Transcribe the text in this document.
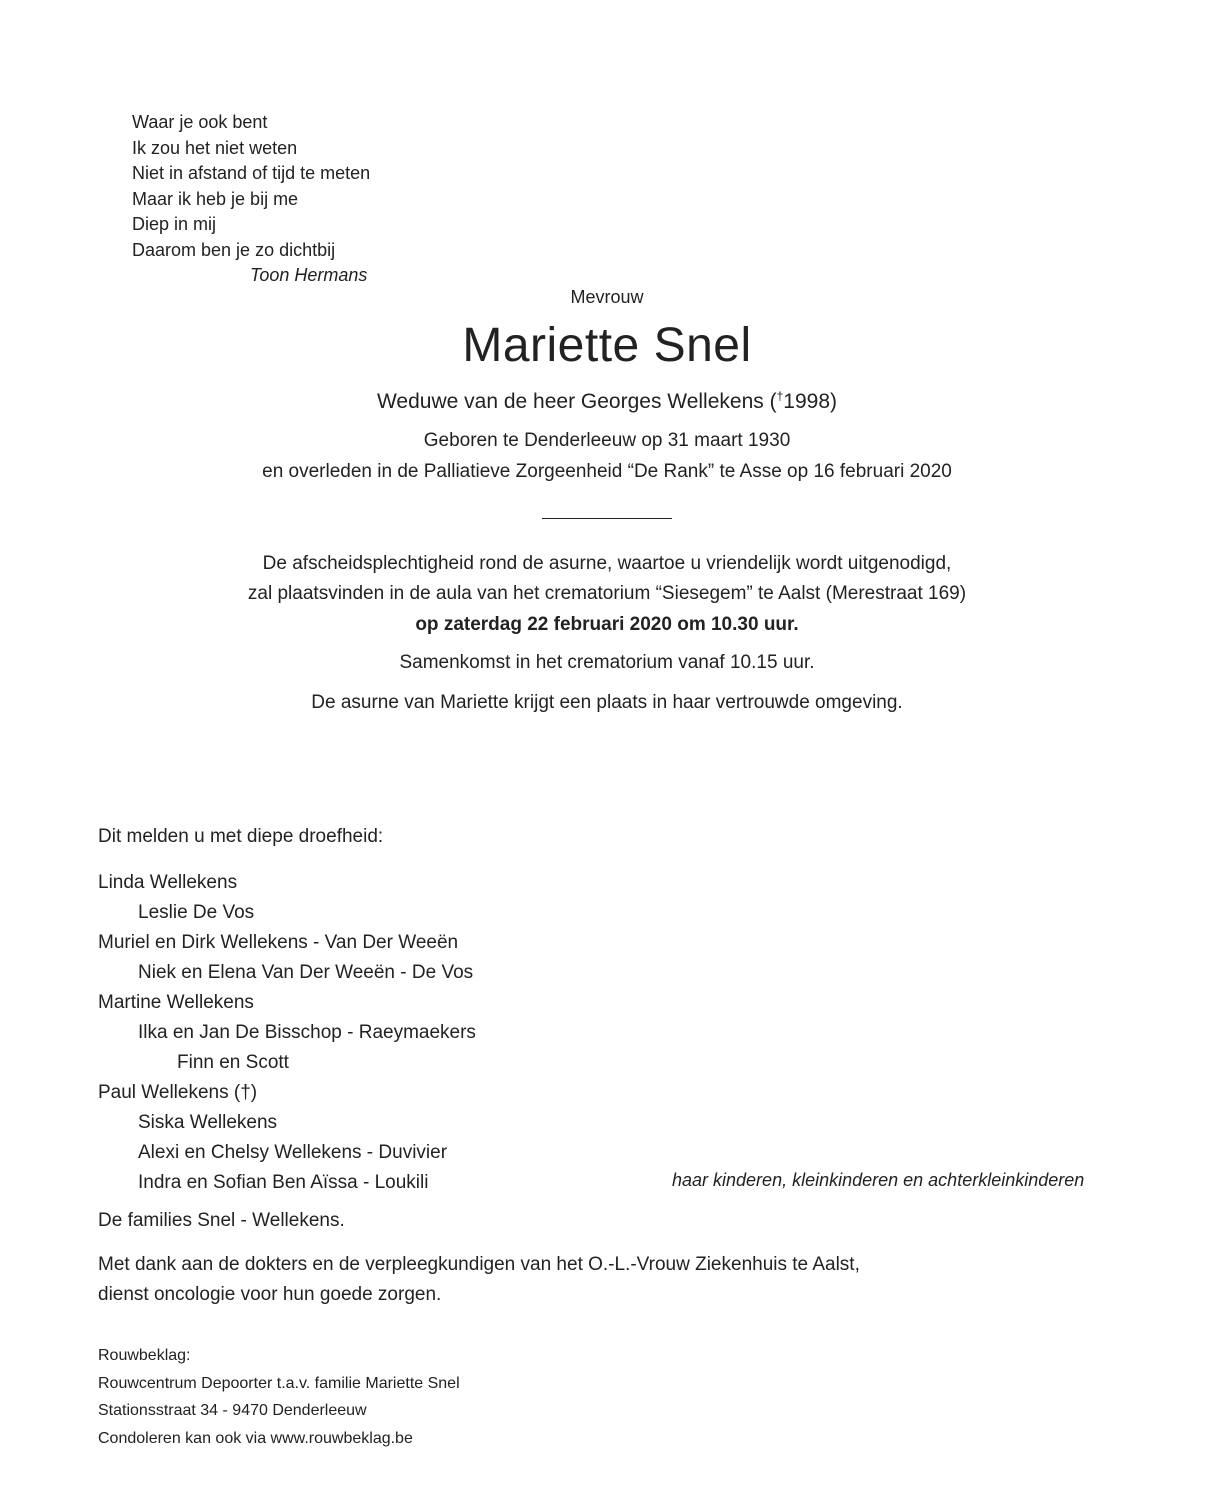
Waar je ook bent
Ik zou het niet weten
Niet in afstand of tijd te meten
Maar ik heb je bij me
Diep in mij
Daarom ben je zo dichtbij
Toon Hermans
Mevrouw
Mariette Snel
Weduwe van de heer Georges Wellekens (†1998)
Geboren te Denderleeuw op 31 maart 1930
en overleden in de Palliatieve Zorgeenheid “De Rank” te Asse op 16 februari 2020
De afscheidsplechtigheid rond de asurne, waartoe u vriendelijk wordt uitgenodigd,
zal plaatsvinden in de aula van het crematorium “Siesegem” te Aalst (Merestraat 169)
op zaterdag 22 februari 2020 om 10.30 uur.
Samenkomst in het crematorium vanaf 10.15 uur.
De asurne van Mariette krijgt een plaats in haar vertrouwde omgeving.
Dit melden u met diepe droefheid:
Linda Wellekens
Leslie De Vos
Muriel en Dirk Wellekens - Van Der Weeën
Niek en Elena Van Der Weeën - De Vos
Martine Wellekens
Ilka en Jan De Bisschop - Raeymaekers
Finn en Scott
Paul Wellekens (†)
Siska Wellekens
Alexi en Chelsy Wellekens - Duvivier
Indra en Sofian Ben Aïssa - Loukili	haar kinderen, kleinkinderen en achterkleinkinderen
De families Snel - Wellekens.
Met dank aan de dokters en de verpleegkundigen van het O.-L.-Vrouw Ziekenhuis te Aalst,
dienst oncologie voor hun goede zorgen.
Rouwbeklag:
Rouwcentrum Depoorter t.a.v. familie Mariette Snel
Stationsstraat 34 - 9470 Denderleeuw
Condoleren kan ook via www.rouwbeklag.be
